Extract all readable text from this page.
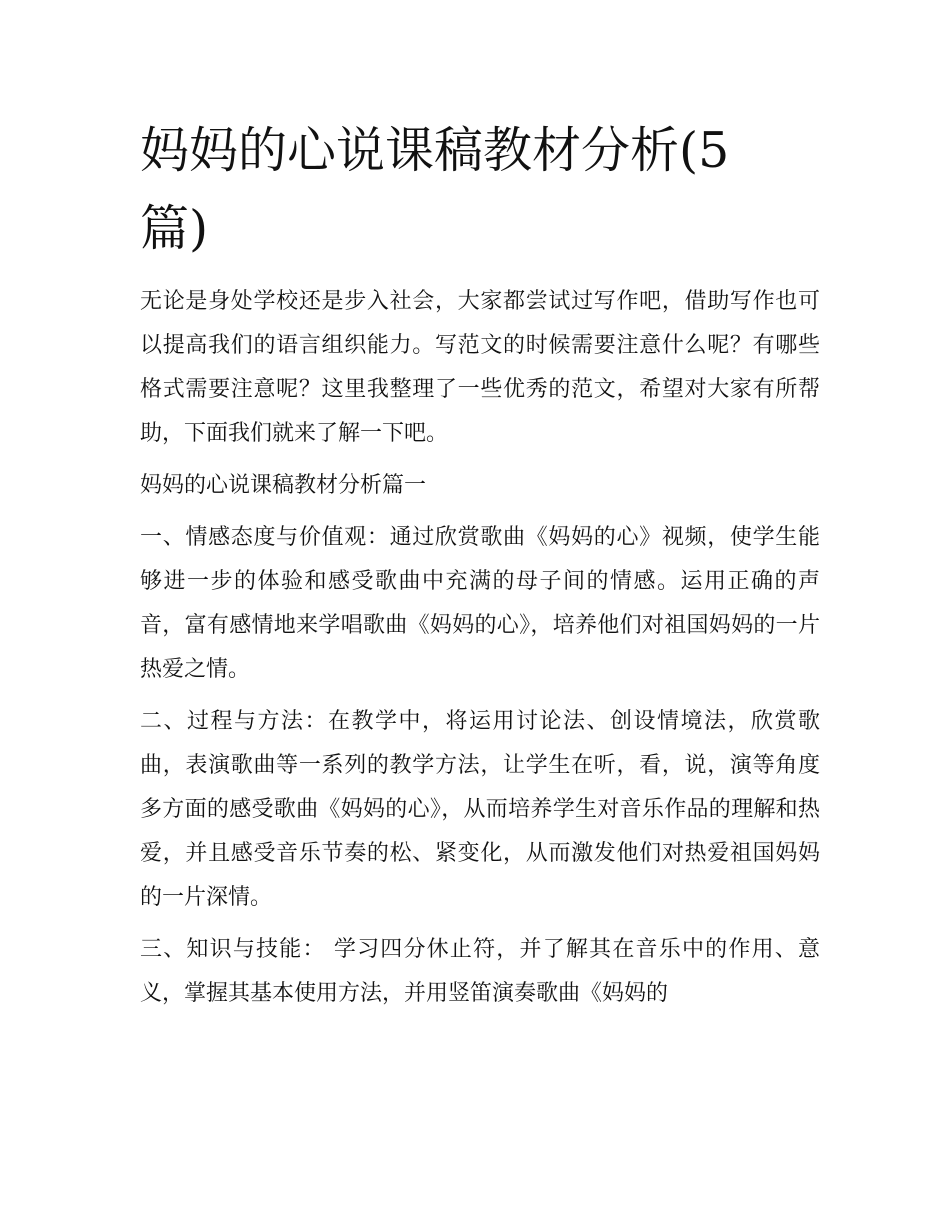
妈妈的心说课稿教材分析(5
篇)

无论是身处学校还是步入社会，大家都尝试过写作吧，借助写作也可以提高我们的语言组织能力。写范文的时候需要注意什么呢？有哪些格式需要注意呢？这里我整理了一些优秀的范文，希望对大家有所帮助，下面我们就来了解一下吧。

妈妈的心说课稿教材分析篇一

一、情感态度与价值观：通过欣赏歌曲《妈妈的心》视频，使学生能够进一步的体验和感受歌曲中充满的母子间的情感。运用正确的声音，富有感情地来学唱歌曲《妈妈的心》，培养他们对祖国妈妈的一片热爱之情。

二、过程与方法：在教学中，将运用讨论法、创设情境法，欣赏歌曲，表演歌曲等一系列的教学方法，让学生在听，看，说，演等角度多方面的感受歌曲《妈妈的心》，从而培养学生对音乐作品的理解和热爱，并且感受音乐节奏的松、紧变化，从而激发他们对热爱祖国妈妈的一片深情。

三、知识与技能： 学习四分休止符，并了解其在音乐中的作用、意义，掌握其基本使用方法，并用竖笛演奏歌曲《妈妈的
